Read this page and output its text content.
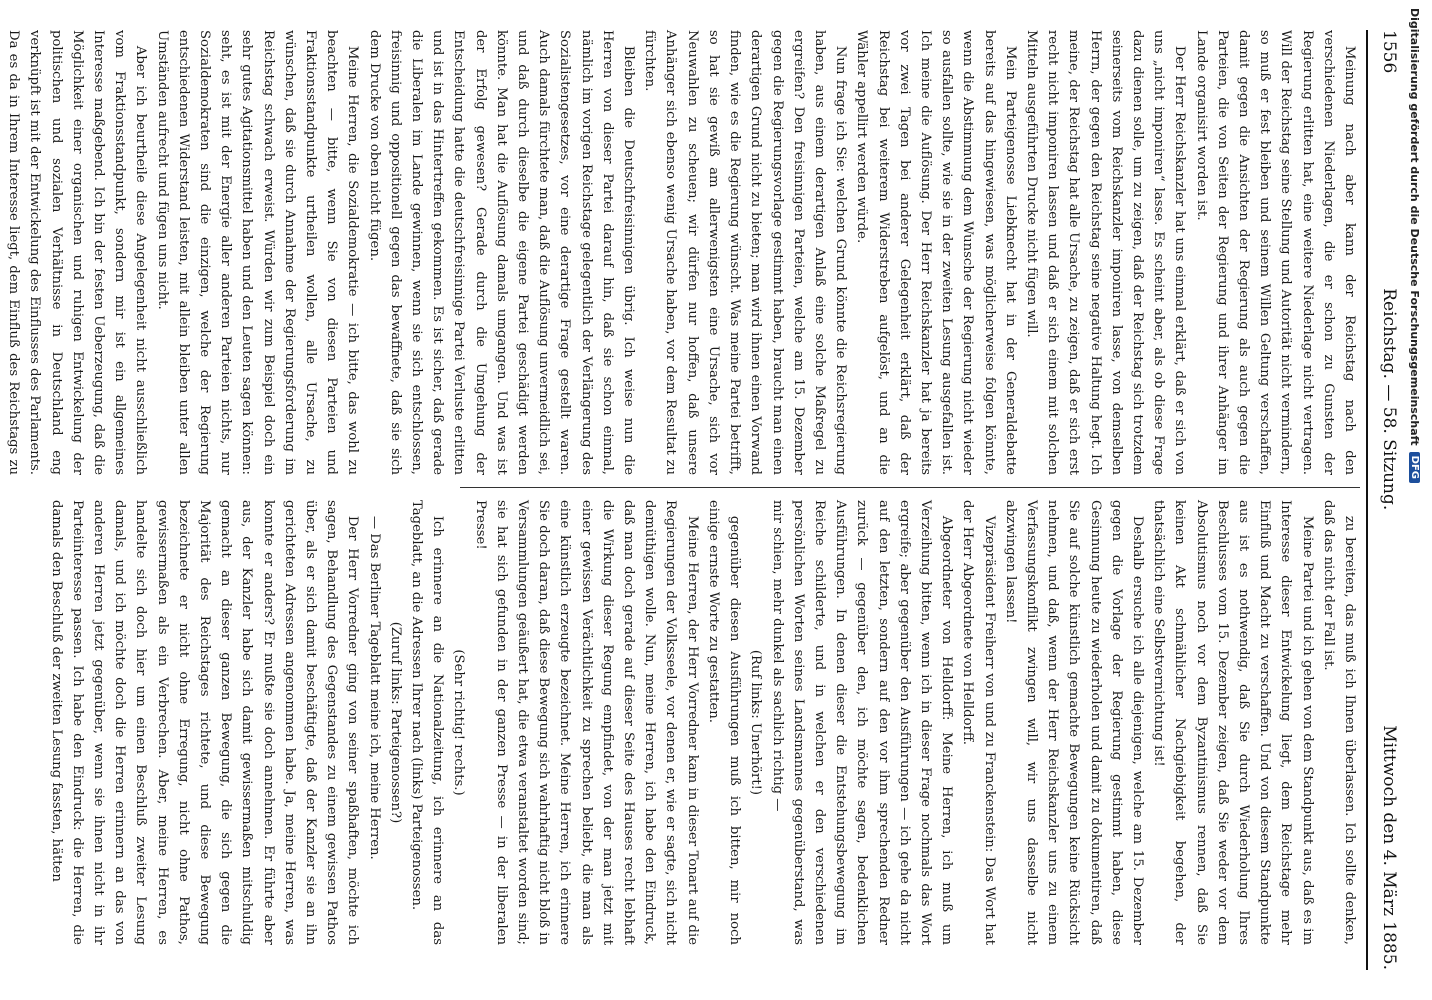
1556
Reichstag. — 58. Sitzung.
Mittwoch den 4. März 1885.

Meinung nach aber kann der Reichstag nach den verschiedenen Niederlagen, die er schon zu Gunsten der Regierung erlitten hat, eine weitere Niederlage nicht vertragen. Will der Reichstag seine Stellung und Autorität nicht vermindern, so muß er fest bleiben und seinem Willen Geltung verschaffen, damit gegen die Ansichten der Regierung als auch gegen die Parteien, die von Seiten der Regierung und ihrer Anhänger im Lande organisirt worden ist.

Der Herr Reichskanzler hat uns einmal erklärt, daß er sich von uns „nicht imponiren“ lasse. Es scheint aber, als ob diese Frage dazu dienen solle, um zu zeigen, daß der Reichstag sich trotzdem seinerseits vom Reichskanzler imponiren lasse, von demselben Herrn, der gegen den Reichstag seine negative Haltung hegt. Ich meine, der Reichstag hat alle Ursache, zu zeigen, daß er sich erst recht nicht imponiren lassen und daß er sich einem mit solchen Mitteln ausgeführten Drucke nicht fügen will.

Mein Parteigenosse Liebknecht hat in der Generaldebatte bereits auf das hingewiesen, was möglicherweise folgen könnte, wenn die Abstimmung dem Wunsche der Regierung nicht wieder so ausfallen sollte, wie sie in der zweiten Lesung ausgefallen ist. Ich meine die Auflösung. Der Herr Reichskanzler hat ja bereits vor zwei Tagen bei anderer Gelegenheit erklärt, daß der Reichstag bei weiterem Widerstreben aufgelöst, und an die Wähler appellirt werden würde.

Nun frage ich Sie: welchen Grund könnte die Reichsregierung haben, aus einem derartigen Anlaß eine solche Maßregel zu ergreifen? Den freisinnigen Parteien, welche am 15. Dezember gegen die Regierungsvorlage gestimmt haben, braucht man einen derartigen Grund nicht zu bieten; man wird ihnen einen Vorwand finden, wie es die Regierung wünscht. Was meine Partei betrifft, so hat sie gewiß am allerwenigsten eine Ursache, sich vor Neuwahlen zu scheuen; wir dürfen nur hoffen, daß unsere Anhänger sich ebenso wenig Ursache haben, vor dem Resultat zu fürchten.

Bleiben die Deutschfreisinnigen übrig. Ich weise nun die Herren von dieser Partei darauf hin, daß sie schon einmal, nämlich im vorigen Reichstage gelegentlich der Verlängerung des Sozialistengesetzes, vor eine derartige Frage gestellt waren. Auch damals fürchtete man, daß die Auflösung unvermeidlich sei, und daß durch dieselbe die eigene Partei geschädigt werden könnte. Man hat die Auflösung damals umgangen. Und was ist der Erfolg gewesen? Gerade durch die Umgehung der Entscheidung hatte die deutschfreisinnige Partei Verluste erlitten und ist in das Hintertreffen gekommen. Es ist sicher, daß gerade die Liberalen im Lande gewinnen, wenn sie sich entschlossen, freisinnig und oppositionell gegen das bewaffnete, daß sie sich dem Drucke von oben nicht fügen.

Meine Herren, die Sozialdemokratie — ich bitte, das wohl zu beachten — bitte, wenn Sie von diesen Parteien und Fraktionsstandpunkte urtheilen wollen, alle Ursache, zu wünschen, daß sie durch Annahme der Regierungsforderung im Reichstag schwach erweist. Würden wir zum Beispiel doch ein sehr gutes Agitationsmittel haben und den Leuten sagen können: seht, es ist mit der Energie aller anderen Parteien nichts, nur Sozialdemokraten sind die einzigen, welche der Regierung entschiedenen Widerstand leisten, mit allein bleiben unter allen Umständen aufrecht und fügen uns nicht.

Aber ich beurtheile diese Angelegenheit nicht ausschließlich vom Fraktionsstandpunkt, sondern mir ist ein allgemeines Interesse maßgebend. Ich bin der festen Ueberzeugung, daß die Möglichkeit einer organischen und ruhigen Entwickelung der politischen und sozialen Verhältnisse in Deutschland eng verknüpft ist mit der Entwickelung des Einflusses des Parlaments. Da es da in Ihrem Interesse liegt, dem Einfluß des Reichstags zu

zu bereiten, das muß ich Ihnen überlassen. Ich sollte denken, daß das nicht der Fall ist.

Meine Partei und ich gehen von dem Standpunkt aus, daß es im Interesse dieser Entwickelung liegt, dem Reichstage mehr Einfluß und Macht zu verschaffen. Und von diesem Standpunkte aus ist es nothwendig, daß Sie durch Wiederholung Ihres Beschlusses vom 15. Dezember zeigen, daß Sie weder vor dem Absolutismus noch vor dem Byzantinismus rennen, daß Sie keinen Akt schmählicher Nachgiebigkeit begehen, der thatsächlich eine Selbstvernichtung ist!

Deshalb ersuche ich alle diejenigen, welche am 15. Dezember gegen die Vorlage der Regierung gestimmt haben, diese Gesinnung heute zu wiederholen und damit zu dokumentiren, daß Sie auf solche künstlich gemachte Bewegungen keine Rücksicht nehmen, und daß, wenn der Herr Reichskanzler uns zu einem Verfassungskonflikt zwingen will, wir uns dasselbe nicht abzwingen lassen!

Vizepräsident Freiherr von und zu Franckenstein: Das Wort hat der Herr Abgeordnete von Helldorff.

Abgeordneter von Helldorff: Meine Herren, ich muß um Verzeihung bitten, wenn ich in dieser Frage nochmals das Wort ergreife; aber gegenüber den Ausführungen — ich gehe da nicht auf den letzten, sondern auf den vor ihm sprechenden Redner zurück — gegenüber den, ich möchte sagen, bedenklichen Ausführungen. In denen dieser die Entstehungsbewegung im Reiche schilderte, und in welchen er den verschiedenen persönlichen Worten seines Landsmannes gegenüberstand, was mir schien, mehr dunkel als sachlich richtig —

(Ruf links: Unerhört!)

gegenüber diesen Ausführungen muß ich bitten, mir noch einige ernste Worte zu gestatten.

Meine Herren, der Herr Vorredner kam in dieser Tonart auf die Regierungen der Volksseele, vor denen er, wie er sagte, sich nicht demüthigen wolle. Nun, meine Herren, ich habe den Eindruck, daß man doch gerade auf dieser Seite des Hauses recht lebhaft die Wirkung dieser Regung empfindet, von der man jetzt mit einer gewissen Verächtlichkeit zu sprechen beliebt, die man als eine künstlich erzeugte bezeichnet. Meine Herren, ich erinnere Sie doch daran, daß diese Bewegung sich wahrhaftig nicht bloß in Versammlungen geäußert hat, die etwa veranstaltet worden sind; sie hat sich gefunden in der ganzen Presse — in der liberalen Presse!

(Sehr richtig! rechts.)

Ich erinnere an die Nationalzeitung, ich erinnere an das Tageblatt, an die Adressen Ihrer nach (links) Parteigenossen.

(Zuruf links: Parteigenossen?)

— Das Berliner Tageblatt meine ich, meine Herren.

Der Herr Vorredner ging von seiner spaßhaften, möchte ich sagen, Behandlung des Gegenstandes zu einem gewissen Pathos über, als er sich damit beschäftigte, daß der Kanzler sie an ihn gerichteten Adressen angenommen habe. Ja, meine Herren, was konnte er anders? Er mußte sie doch annehmen. Er führte aber aus, der Kanzler habe sich damit gewissermaßen mitschuldig gemacht an dieser ganzen Bewegung, die sich gegen die Majorität des Reichstages richtete, und diese Bewegung bezeichnete er nicht ohne Erregung, nicht ohne Pathos, gewissermaßen als ein Verbrechen. Aber, meine Herren, es handelte sich doch hier um einen Beschluß zweiter Lesung damals, und ich möchte doch die Herren erinnern an das von anderen Herren jetzt gegenüber, wenn sie ihnen nicht in ihr Parteiinteresse passen. Ich habe den Eindruck: die Herren, die damals den Beschluß der zweiten Lesung fassten, hätten

Digitalisierung gefördert durch die Deutsche Forschungsgemeinschaft
DFG
